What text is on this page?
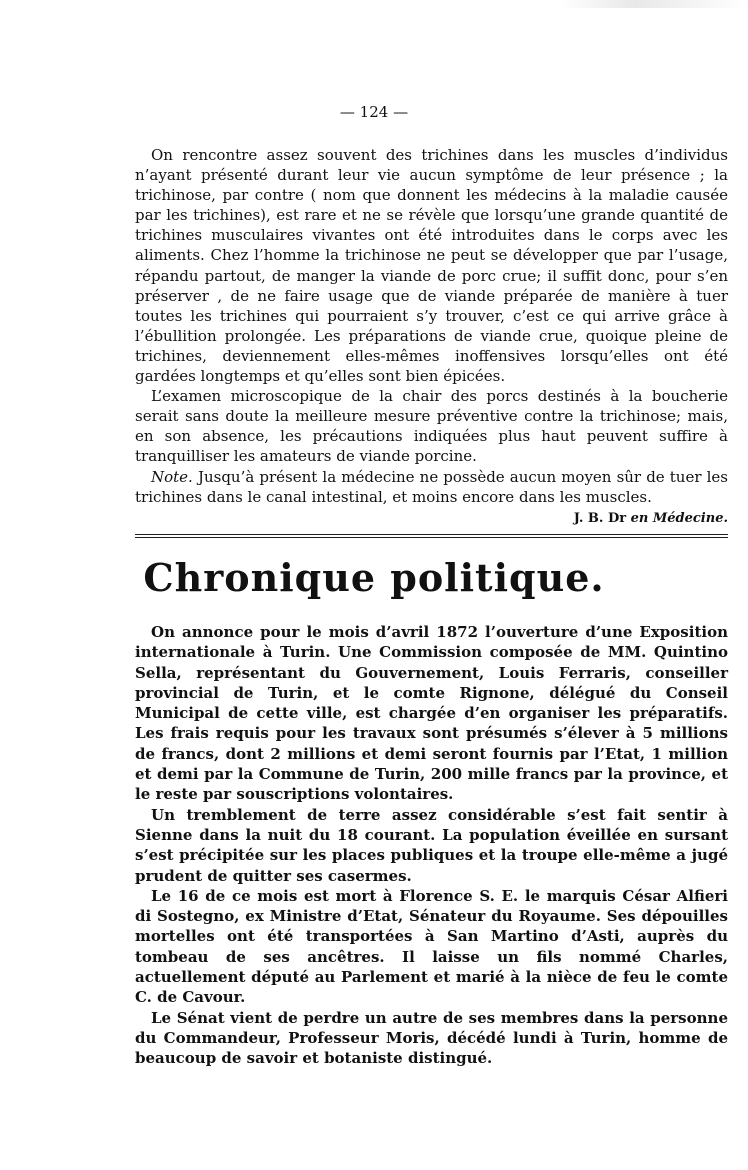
— 124 —

On rencontre assez souvent des trichines dans les muscles d’individus n’ayant présenté durant leur vie aucun symptôme de leur présence ; la trichinose, par contre ( nom que donnent les médecins à la maladie causée par les trichines), est rare et ne se révèle que lorsqu’une grande quantité de trichines musculaires vivantes ont été introduites dans le corps avec les aliments. Chez l’homme la trichinose ne peut se développer que par l’usage, répandu partout, de manger la viande de porc crue; il suffit donc, pour s’en préserver , de ne faire usage que de viande préparée de manière à tuer toutes les trichines qui pourraient s’y trouver, c’est ce qui arrive grâce à l’ébullition prolongée. Les préparations de viande crue, quoique pleine de trichines, deviennement elles-mêmes inoffensives lorsqu’elles ont été gardées longtemps et qu’elles sont bien épicées.

L’examen microscopique de la chair des porcs destinés à la boucherie serait sans doute la meilleure mesure préventive contre la trichinose; mais, en son absence, les précautions indiquées plus haut peuvent suffire à tranquilliser les amateurs de viande porcine.

Note. Jusqu’à présent la médecine ne possède aucun moyen sûr de tuer les trichines dans le canal intestinal, et moins encore dans les muscles.

J. B. Dr en Médecine.
Chronique politique.

On annonce pour le mois d’avril 1872 l’ouverture d’une Exposition internationale à Turin. Une Commission composée de MM. Quintino Sella, représentant du Gouvernement, Louis Ferraris, conseiller provincial de Turin, et le comte Rignone, délégué du Conseil Municipal de cette ville, est chargée d’en organiser les préparatifs. Les frais requis pour les travaux sont présumés s’élever à 5 millions de francs, dont 2 millions et demi seront fournis par l’Etat, 1 million et demi par la Commune de Turin, 200 mille francs par la province, et le reste par souscriptions volontaires.

Un tremblement de terre assez considérable s’est fait sentir à Sienne dans la nuit du 18 courant. La population éveillée en sursant s’est précipitée sur les places publiques et la troupe elle-même a jugé prudent de quitter ses casermes.

Le 16 de ce mois est mort à Florence S. E. le marquis César Alfieri di Sostegno, ex Ministre d’Etat, Sénateur du Royaume. Ses dépouilles mortelles ont été transportées à San Martino d’Asti, auprès du tombeau de ses ancêtres. Il laisse un fils nommé Charles, actuellement député au Parlement et marié à la nièce de feu le comte C. de Cavour.

Le Sénat vient de perdre un autre de ses membres dans la personne du Commandeur, Professeur Moris, décédé lundi à Turin, homme de beaucoup de savoir et botaniste distingué.
